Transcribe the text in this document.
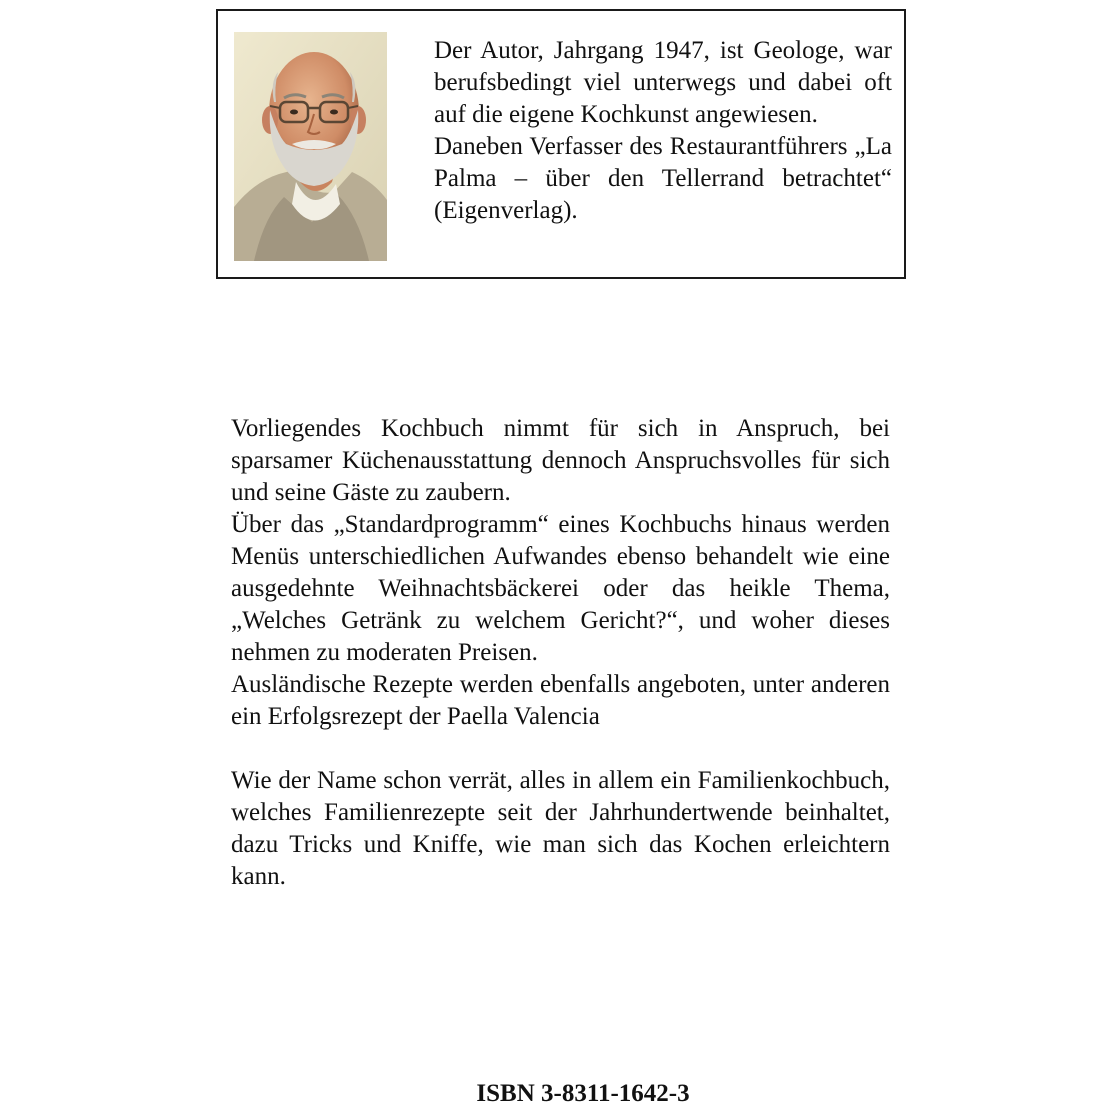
Der Autor, Jahrgang 1947, ist Geologe, war berufsbedingt viel unterwegs und dabei oft auf die eigene Kochkunst angewiesen.

Daneben Verfasser des Restaurantführers „La Palma – über den Tellerrand betrachtet“ (Eigenverlag).

Vorliegendes Kochbuch nimmt für sich in Anspruch, bei sparsamer Küchenausstattung dennoch Anspruchsvolles für sich und seine Gäste zu zaubern.

Über das „Standardprogramm“ eines Kochbuchs hinaus werden Menüs unterschiedlichen Aufwandes ebenso behandelt wie eine ausgedehnte Weihnachtsbäckerei oder das heikle Thema, „Welches Getränk zu welchem Gericht?“, und woher dieses nehmen zu moderaten Preisen.

Ausländische Rezepte werden ebenfalls angeboten, unter anderen ein Erfolgsrezept der Paella Valencia

Wie der Name schon verrät, alles in allem ein Familienkochbuch, welches Familienrezepte seit der Jahrhundertwende beinhaltet, dazu Tricks und Kniffe, wie man sich das Kochen erleichtern kann.

ISBN 3-8311-1642-3
